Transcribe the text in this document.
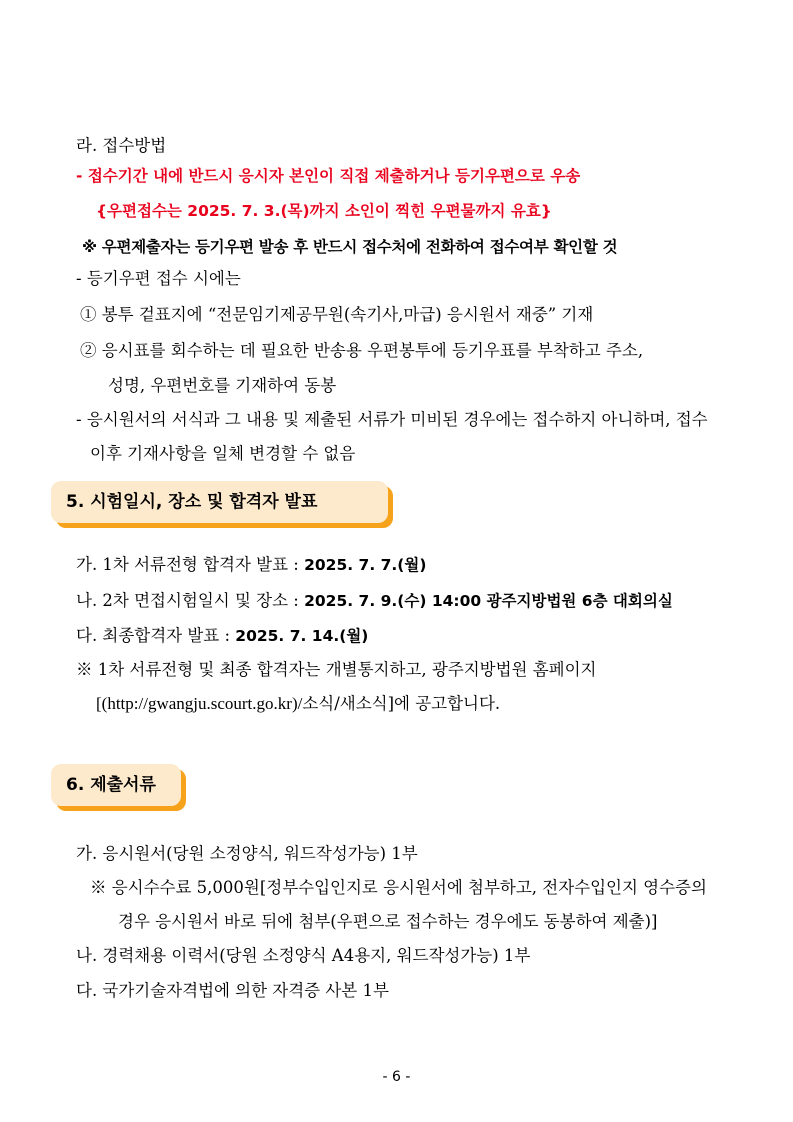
라. 접수방법
- 접수기간 내에 반드시 응시자 본인이 직접 제출하거나 등기우편으로 우송
{우편접수는 2025. 7. 3.(목)까지 소인이 찍힌 우편물까지 유효}
※ 우편제출자는 등기우편 발송 후 반드시 접수처에 전화하여 접수여부 확인할 것
- 등기우편 접수 시에는
① 봉투 겉표지에 “전문임기제공무원(속기사,마급) 응시원서 재중” 기재
② 응시표를 회수하는 데 필요한 반송용 우편봉투에 등기우표를 부착하고 주소,
성명, 우편번호를 기재하여 동봉
- 응시원서의 서식과 그 내용 및 제출된 서류가 미비된 경우에는 접수하지 아니하며, 접수
이후 기재사항을 일체 변경할 수 없음
5. 시험일시, 장소 및 합격자 발표
가. 1차 서류전형 합격자 발표 : 2025. 7. 7.(월)
나. 2차 면접시험일시 및 장소 : 2025. 7. 9.(수) 14:00 광주지방법원 6층 대회의실
다. 최종합격자 발표 : 2025. 7. 14.(월)
※ 1차 서류전형 및 최종 합격자는 개별통지하고, 광주지방법원 홈페이지
[(http://gwangju.scourt.go.kr)/소식/새소식]에 공고합니다.
6. 제출서류
가. 응시원서(당원 소정양식, 워드작성가능) 1부
※ 응시수수료 5,000원[정부수입인지로 응시원서에 첨부하고, 전자수입인지 영수증의
경우 응시원서 바로 뒤에 첨부(우편으로 접수하는 경우에도 동봉하여 제출)]
나. 경력채용 이력서(당원 소정양식 A4용지, 워드작성가능) 1부
다. 국가기술자격법에 의한 자격증 사본 1부
- 6 -
